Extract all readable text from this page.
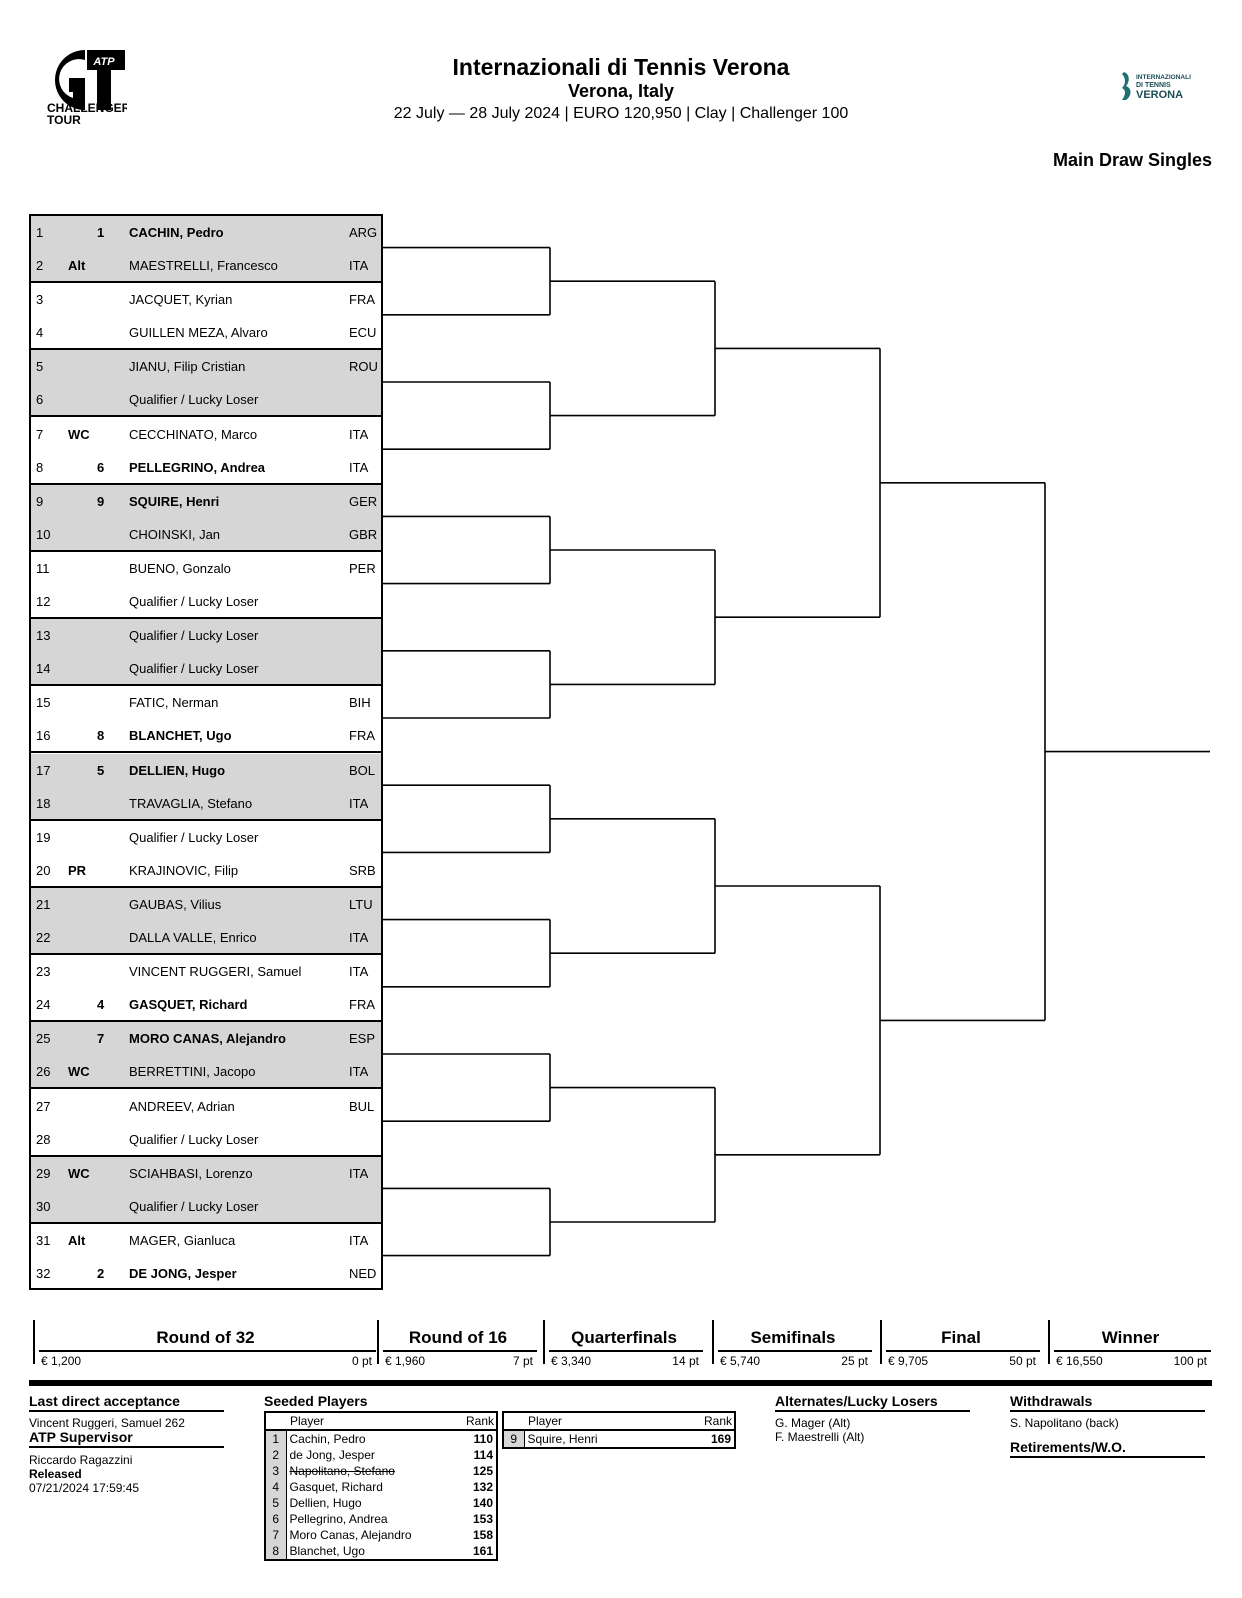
ATP
CHALLENGER
TOUR
Internazionali di Tennis Verona
Verona, Italy
22 July — 28 July 2024 | EURO 120,950 | Clay | Challenger 100
INTERNAZIONALI
DI TENNIS
VERONA
Main Draw Singles
1	1 CACHIN, Pedro	ARG
2 Alt	MAESTRELLI, Francesco	ITA
3	JACQUET, Kyrian	FRA
4	GUILLEN MEZA, Alvaro	ECU
5	JIANU, Filip Cristian	ROU
6	Qualifier / Lucky Loser
7 WC	CECCHINATO, Marco	ITA
8	6 PELLEGRINO, Andrea	ITA
9	9 SQUIRE, Henri	GER
10	CHOINSKI, Jan	GBR
11	BUENO, Gonzalo	PER
12	Qualifier / Lucky Loser
13	Qualifier / Lucky Loser
14	Qualifier / Lucky Loser
15	FATIC, Nerman	BIH
16	8 BLANCHET, Ugo	FRA
17	5 DELLIEN, Hugo	BOL
18	TRAVAGLIA, Stefano	ITA
19	Qualifier / Lucky Loser
20 PR	KRAJINOVIC, Filip	SRB
21	GAUBAS, Vilius	LTU
22	DALLA VALLE, Enrico	ITA
23	VINCENT RUGGERI, Samuel	ITA
24	4 GASQUET, Richard	FRA
25	7 MORO CANAS, Alejandro	ESP
26 WC	BERRETTINI, Jacopo	ITA
27	ANDREEV, Adrian	BUL
28	Qualifier / Lucky Loser
29 WC	SCIAHBASI, Lorenzo	ITA
30	Qualifier / Lucky Loser
31 Alt	MAGER, Gianluca	ITA
32	2 DE JONG, Jesper	NED
Round of 32
€ 1,200	0 pt
Round of 16
€ 1,960	7 pt
Quarterfinals
€ 3,340	14 pt
Semifinals
€ 5,740	25 pt
Final
€ 9,705	50 pt
Winner
€ 16,550	100 pt
Last direct acceptance
Vincent Ruggeri, Samuel 262
ATP Supervisor
Riccardo Ragazzini
Released
07/21/2024 17:59:45
Seeded Players
	Player	Rank
1	Cachin, Pedro	110
2	de Jong, Jesper	114
3	Napolitano, Stefano	125
4	Gasquet, Richard	132
5	Dellien, Hugo	140
6	Pellegrino, Andrea	153
7	Moro Canas, Alejandro	158
8	Blanchet, Ugo	161
	Player	Rank
9	Squire, Henri	169
Alternates/Lucky Losers
G. Mager (Alt)
F. Maestrelli (Alt)
Withdrawals
S. Napolitano (back)
Retirements/W.O.
